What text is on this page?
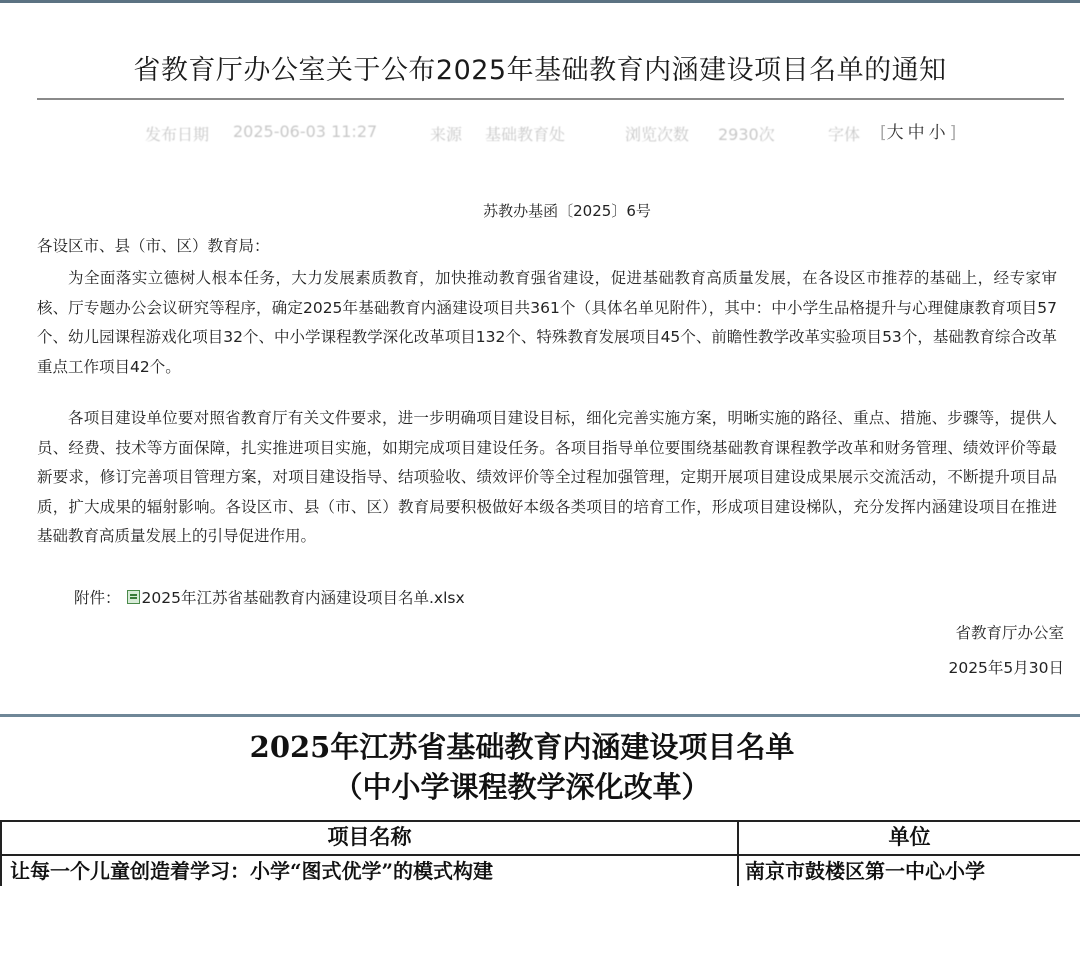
省教育厅办公室关于公布2025年基础教育内涵建设项目名单的通知
发布日期 2025-06-03 11:27	来源 基础教育处	浏览次数 2930次	字体 [大中小]
苏教办基函〔2025〕6号
各设区市、县（市、区）教育局：

为全面落实立德树人根本任务，大力发展素质教育，加快推动教育强省建设，促进基础教育高质量发展，在各设区市推荐的基础上，经专家审核、厅专题办公会议研究等程序，确定2025年基础教育内涵建设项目共361个（具体名单见附件），其中：中小学生品格提升与心理健康教育项目57个、幼儿园课程游戏化项目32个、中小学课程教学深化改革项目132个、特殊教育发展项目45个、前瞻性教学改革实验项目53个，基础教育综合改革重点工作项目42个。

各项目建设单位要对照省教育厅有关文件要求，进一步明确项目建设目标，细化完善实施方案，明晰实施的路径、重点、措施、步骤等，提供人员、经费、技术等方面保障，扎实推进项目实施，如期完成项目建设任务。各项目指导单位要围绕基础教育课程教学改革和财务管理、绩效评价等最新要求，修订完善项目管理方案，对项目建设指导、结项验收、绩效评价等全过程加强管理，定期开展项目建设成果展示交流活动，不断提升项目品质，扩大成果的辐射影响。各设区市、县（市、区）教育局要积极做好本级各类项目的培育工作，形成项目建设梯队，充分发挥内涵建设项目在推进基础教育高质量发展上的引导促进作用。

附件： 2025年江苏省基础教育内涵建设项目名单.xlsx
省教育厅办公室
2025年5月30日
2025年江苏省基础教育内涵建设项目名单
（中小学课程教学深化改革）
项目名称	单位
让每一个儿童创造着学习：小学“图式优学”的模式构建	南京市鼓楼区第一中心小学
